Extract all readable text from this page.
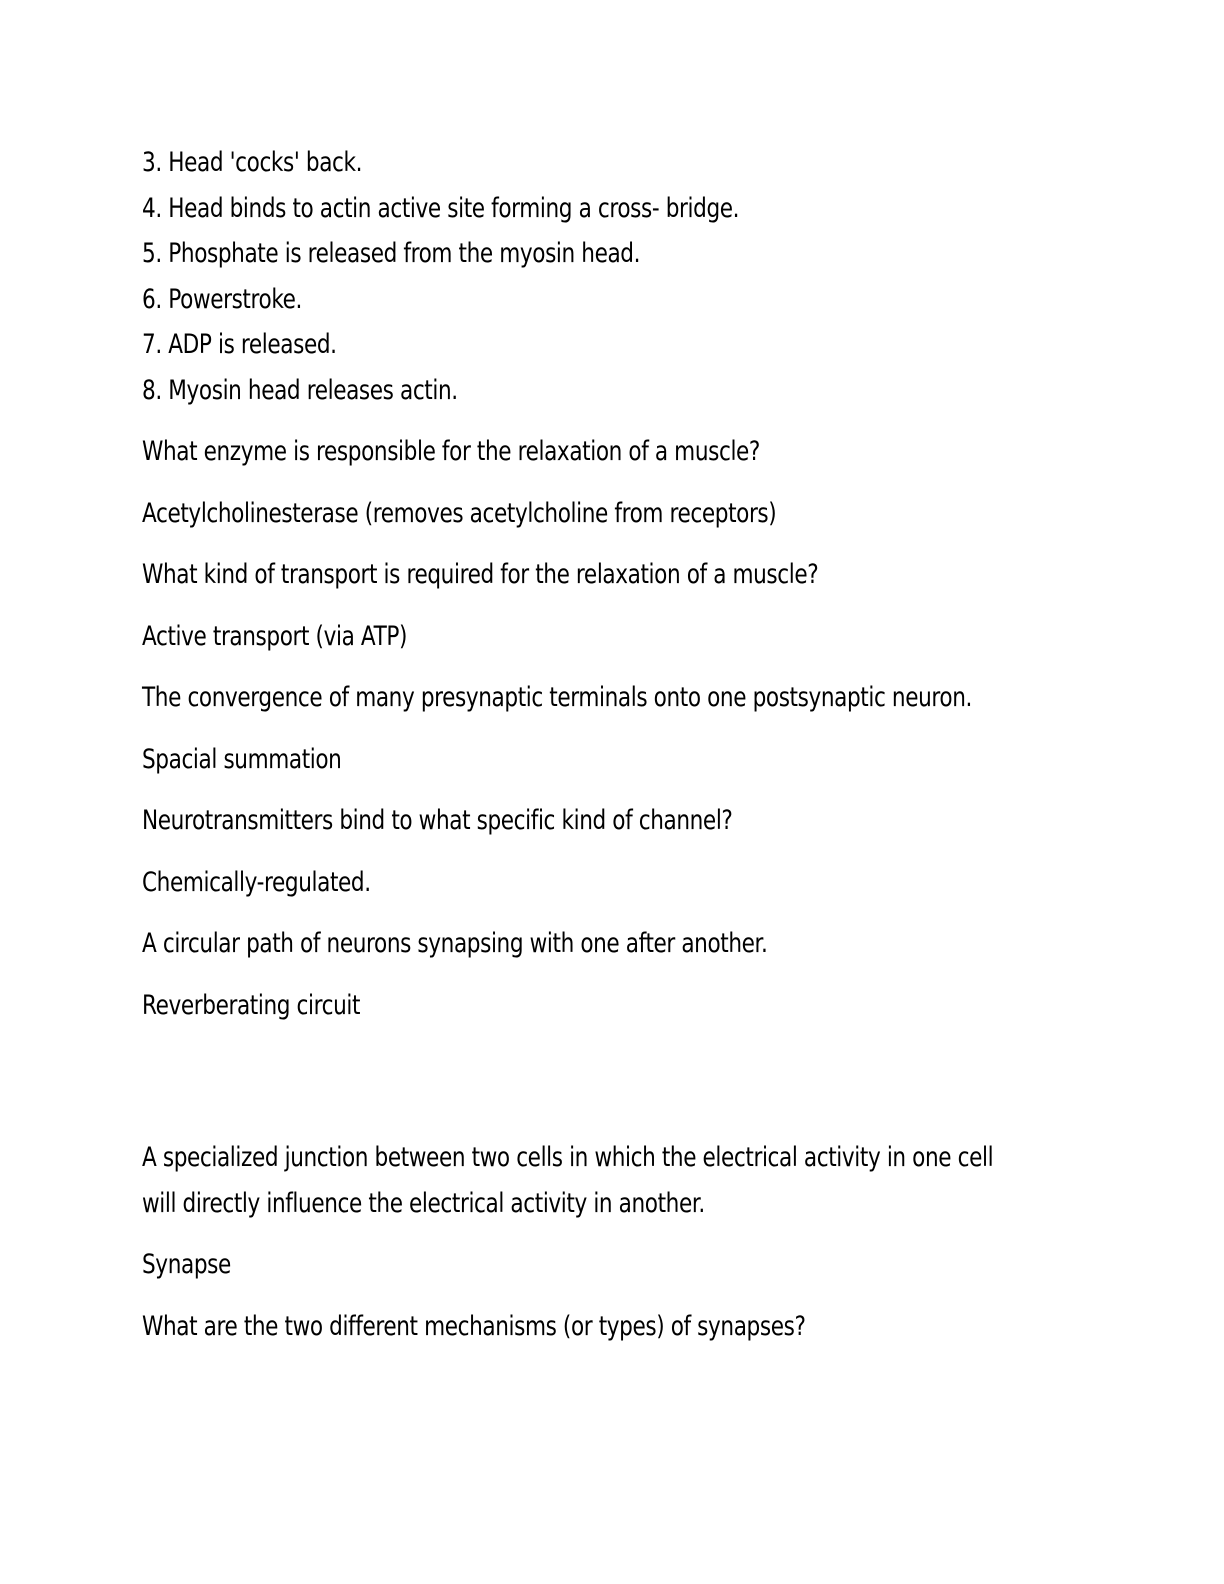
3. Head 'cocks' back.
4. Head binds to actin active site forming a cross- bridge.
5. Phosphate is released from the myosin head.
6. Powerstroke.
7. ADP is released.
8. Myosin head releases actin.

What enzyme is responsible for the relaxation of a muscle?

Acetylcholinesterase (removes acetylcholine from receptors)

What kind of transport is required for the relaxation of a muscle?

Active transport (via ATP)

The convergence of many presynaptic terminals onto one postsynaptic neuron.

Spacial summation

Neurotransmitters bind to what specific kind of channel?

Chemically-regulated.

A circular path of neurons synapsing with one after another.

Reverberating circuit

A specialized junction between two cells in which the electrical activity in one cell
will directly influence the electrical activity in another.

Synapse

What are the two different mechanisms (or types) of synapses?
